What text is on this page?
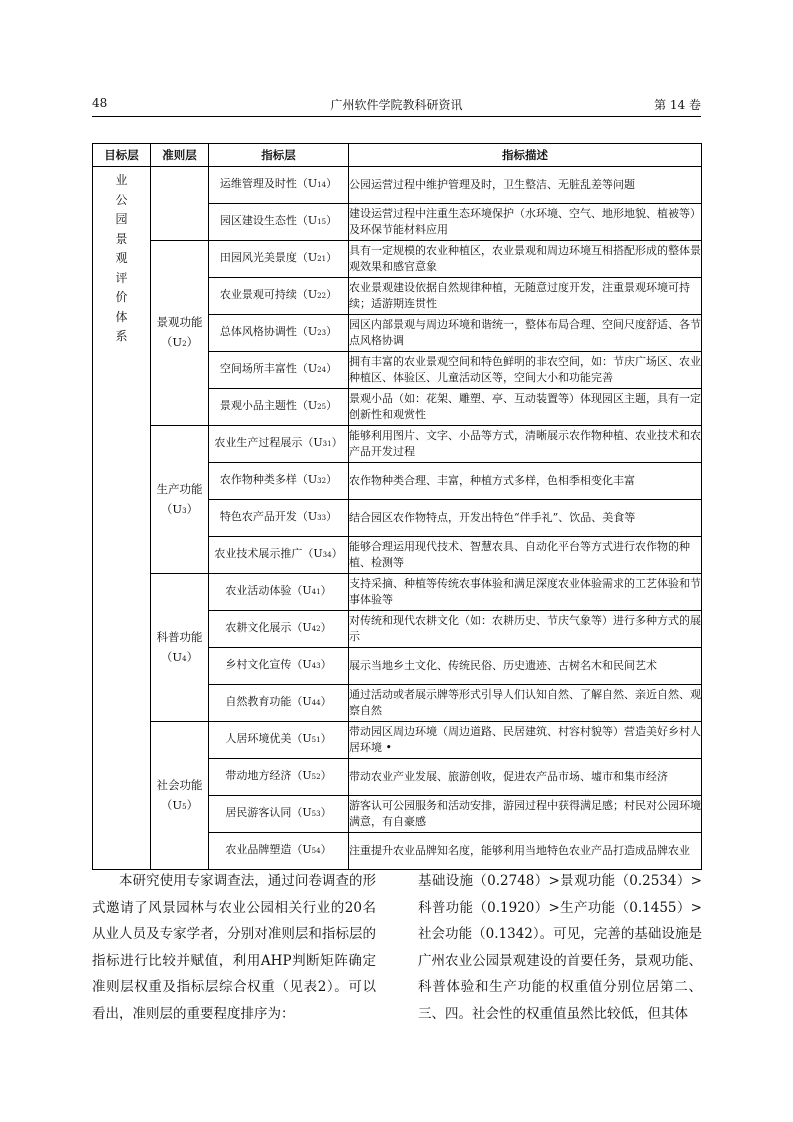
48	广州软件学院教科研资讯	第 14 卷
目标层	准则层	指标层	指标描述

业公园景观评价体系		运维管理及时性（U14）	公园运营过程中维护管理及时，卫生整洁、无脏乱差等问题
		园区建设生态性（U15）	建设运营过程中注重生态环境保护（水环境、空气、地形地貌、植被等）及环保节能材料应用
	景观功能（U2）	田园风光美景度（U21）	具有一定规模的农业种植区，农业景观和周边环境互相搭配形成的整体景观效果和感官意象
		农业景观可持续（U22）	农业景观建设依据自然规律种植，无随意过度开发，注重景观环境可持续；适游期连贯性
		总体风格协调性（U23）	园区内部景观与周边环境和谐统一，整体布局合理、空间尺度舒适、各节点风格协调
		空间场所丰富性（U24）	拥有丰富的农业景观空间和特色鲜明的非农空间，如：节庆广场区、农业种植区、体验区、儿童活动区等，空间大小和功能完善
		景观小品主题性（U25）	景观小品（如：花架、雕塑、亭、互动装置等）体现园区主题，具有一定创新性和观赏性
	生产功能（U3）	农业生产过程展示（U31）	能够利用图片、文字、小品等方式，清晰展示农作物种植、农业技术和农产品开发过程
		农作物种类多样（U32）	农作物种类合理、丰富，种植方式多样，色相季相变化丰富
		特色农产品开发（U33）	结合园区农作物特点，开发出特色“伴手礼”、饮品、美食等
		农业技术展示推广（U34）	能够合理运用现代技术、智慧农具、自动化平台等方式进行农作物的种植、检测等
	科普功能（U4）	农业活动体验（U41）	支持采摘、种植等传统农事体验和满足深度农业体验需求的工艺体验和节事体验等
		农耕文化展示（U42）	对传统和现代农耕文化（如：农耕历史、节庆气象等）进行多种方式的展示
		乡村文化宣传（U43）	展示当地乡土文化、传统民俗、历史遗迹、古树名木和民间艺术
		自然教育功能（U44）	通过活动或者展示牌等形式引导人们认知自然、了解自然、亲近自然、观察自然
	社会功能（U5）	人居环境优美（U51）	带动园区周边环境（周边道路、民居建筑、村容村貌等）营造美好乡村人居环境 •
		带动地方经济（U52）	带动农业产业发展、旅游创收，促进农产品市场、墟市和集市经济
		居民游客认同（U53）	游客认可公园服务和活动安排，游园过程中获得满足感；村民对公园环境满意，有自豪感
		农业品牌塑造（U54）	注重提升农业品牌知名度，能够利用当地特色农业产品打造成品牌农业

本研究使用专家调查法，通过问卷调查的形式邀请了风景园林与农业公园相关行业的20名从业人员及专家学者，分别对准则层和指标层的指标进行比较并赋值，利用AHP判断矩阵确定准则层权重及指标层综合权重（见表2）。可以看出，准则层的重要程度排序为：

基础设施（0.2748）>景观功能（0.2534）>科普功能（0.1920）>生产功能（0.1455）>社会功能（0.1342）。可见，完善的基础设施是广州农业公园景观建设的首要任务，景观功能、科普体验和生产功能的权重值分别位居第二、三、四。社会性的权重值虽然比较低，但其体
